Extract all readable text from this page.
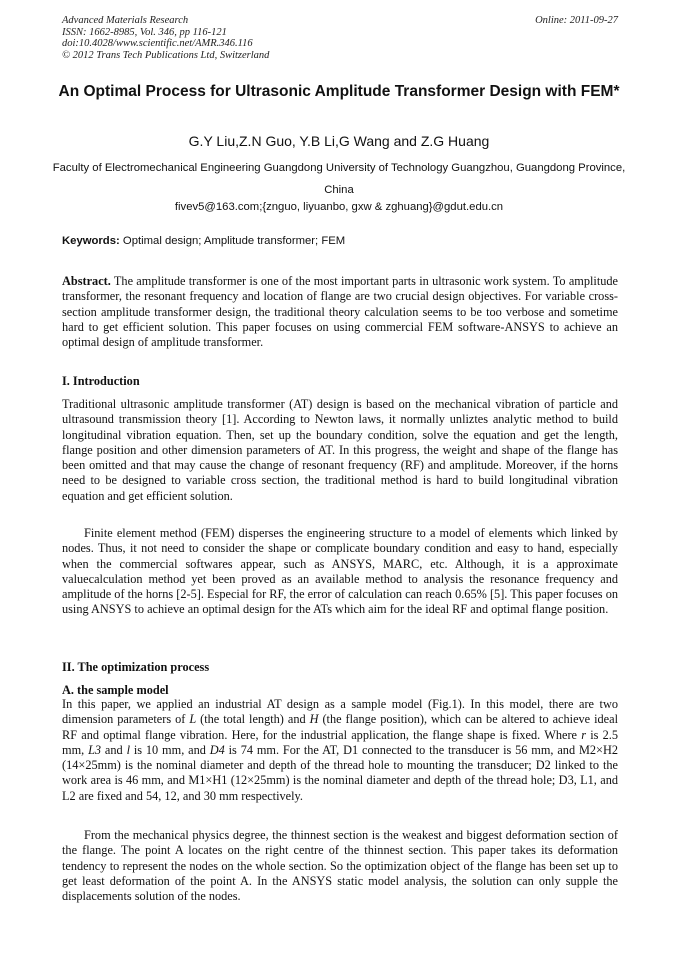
Advanced Materials Research
ISSN: 1662-8985, Vol. 346, pp 116-121
doi:10.4028/www.scientific.net/AMR.346.116
© 2012 Trans Tech Publications Ltd, Switzerland
Online: 2011-09-27
An Optimal Process for Ultrasonic Amplitude Transformer Design with FEM*
G.Y Liu,Z.N Guo, Y.B Li,G Wang and Z.G Huang
Faculty of Electromechanical Engineering Guangdong University of Technology Guangzhou, Guangdong Province, China
fivev5@163.com;{znguo, liyuanbo, gxw & zghuang}@gdut.edu.cn
Keywords: Optimal design; Amplitude transformer; FEM
Abstract. The amplitude transformer is one of the most important parts in ultrasonic work system. To amplitude transformer, the resonant frequency and location of flange are two crucial design objectives. For variable cross-section amplitude transformer design, the traditional theory calculation seems to be too verbose and sometime hard to get efficient solution. This paper focuses on using commercial FEM software-ANSYS to achieve an optimal design of amplitude transformer.
I. Introduction
Traditional ultrasonic amplitude transformer (AT) design is based on the mechanical vibration of particle and ultrasound transmission theory [1]. According to Newton laws, it normally unliztes analytic method to build longitudinal vibration equation. Then, set up the boundary condition, solve the equation and get the length, flange position and other dimension parameters of AT. In this progress, the weight and shape of the flange has been omitted and that may cause the change of resonant frequency (RF) and amplitude. Moreover, if the horns need to be designed to variable cross section, the traditional method is hard to build longitudinal vibration equation and get efficient solution.
Finite element method (FEM) disperses the engineering structure to a model of elements which linked by nodes. Thus, it not need to consider the shape or complicate boundary condition and easy to hand, especially when the commercial softwares appear, such as ANSYS, MARC, etc. Although, it is a approximate valuecalculation method yet been proved as an available method to analysis the resonance frequency and amplitude of the horns [2-5]. Especial for RF, the error of calculation can reach 0.65% [5]. This paper focuses on using ANSYS to achieve an optimal design for the ATs which aim for the ideal RF and optimal flange position.
II. The optimization process
A. the sample model
In this paper, we applied an industrial AT design as a sample model (Fig.1). In this model, there are two dimension parameters of L (the total length) and H (the flange position), which can be altered to achieve ideal RF and optimal flange vibration. Here, for the industrial application, the flange shape is fixed. Where r is 2.5 mm, L3 and l is 10 mm, and D4 is 74 mm. For the AT, D1 connected to the transducer is 56 mm, and M2×H2 (14×25mm) is the nominal diameter and depth of the thread hole to mounting the transducer; D2 linked to the work area is 46 mm, and M1×H1 (12×25mm) is the nominal diameter and depth of the thread hole; D3, L1, and L2 are fixed and 54, 12, and 30 mm respectively.
From the mechanical physics degree, the thinnest section is the weakest and biggest deformation section of the flange. The point A locates on the right centre of the thinnest section. This paper takes its deformation tendency to represent the nodes on the whole section. So the optimization object of the flange has been set up to get least deformation of the point A. In the ANSYS static model analysis, the solution can only supple the displacements solution of the nodes.
